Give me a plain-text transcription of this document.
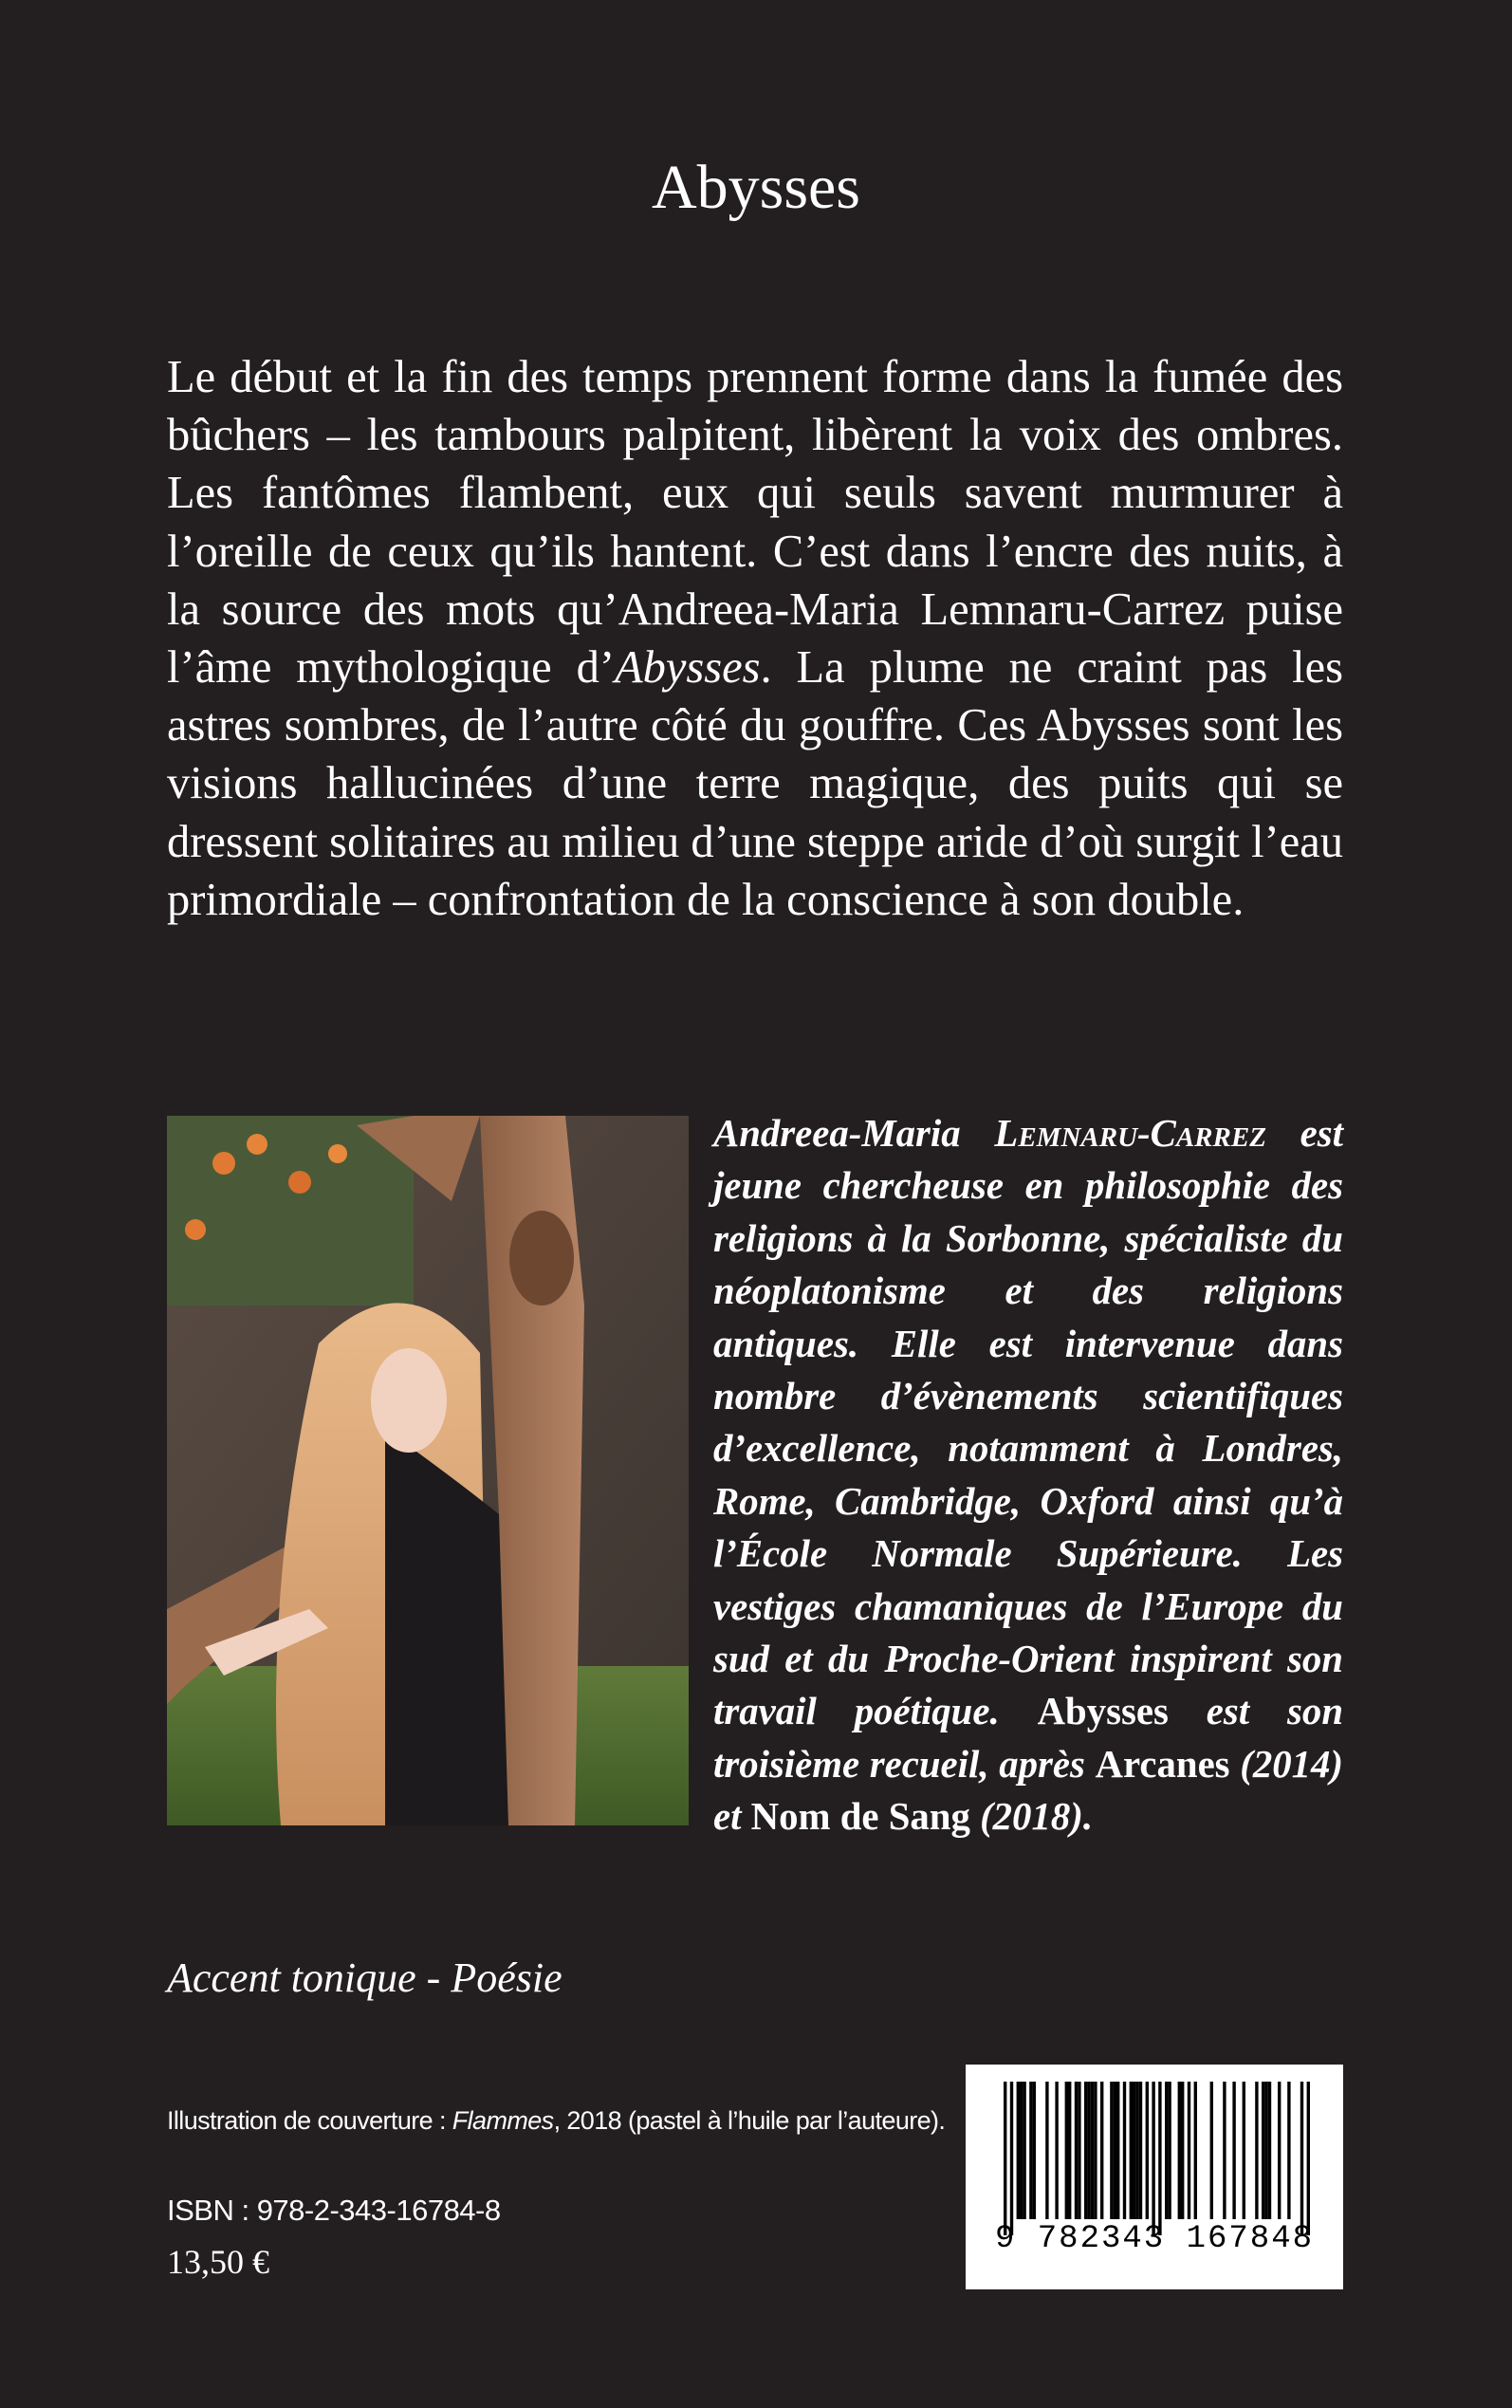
Abysses

Le début et la fin des temps prennent forme dans la fumée des bûchers – les tambours palpitent, libèrent la voix des ombres. Les fantômes flambent, eux qui seuls savent murmurer à l’oreille de ceux qu’ils hantent. C’est dans l’encre des nuits, à la source des mots qu’Andreea-Maria Lemnaru-Carrez puise l’âme mythologique d’Abysses. La plume ne craint pas les astres sombres, de l’autre côté du gouffre. Ces Abysses sont les visions hallucinées d’une terre magique, des puits qui se dressent solitaires au milieu d’une steppe aride d’où surgit l’eau primordiale – confrontation de la conscience à son double.

Andreea-Maria Lemnaru-Carrez est jeune chercheuse en philosophie des religions à la Sorbonne, spécialiste du néoplatonisme et des religions antiques. Elle est intervenue dans nombre d’évènements scientifiques d’excellence, notamment à Londres, Rome, Cambridge, Oxford ainsi qu’à l’École Normale Supérieure. Les vestiges chamaniques de l’Europe du sud et du Proche-Orient inspirent son travail poétique. Abysses est son troisième recueil, après Arcanes (2014) et Nom de Sang (2018).

Accent tonique - Poésie
Illustration de couverture : Flammes, 2018 (pastel à l’huile par l’auteure).
ISBN : 978-2-343-16784-8
13,50 €
9 782343 167848
